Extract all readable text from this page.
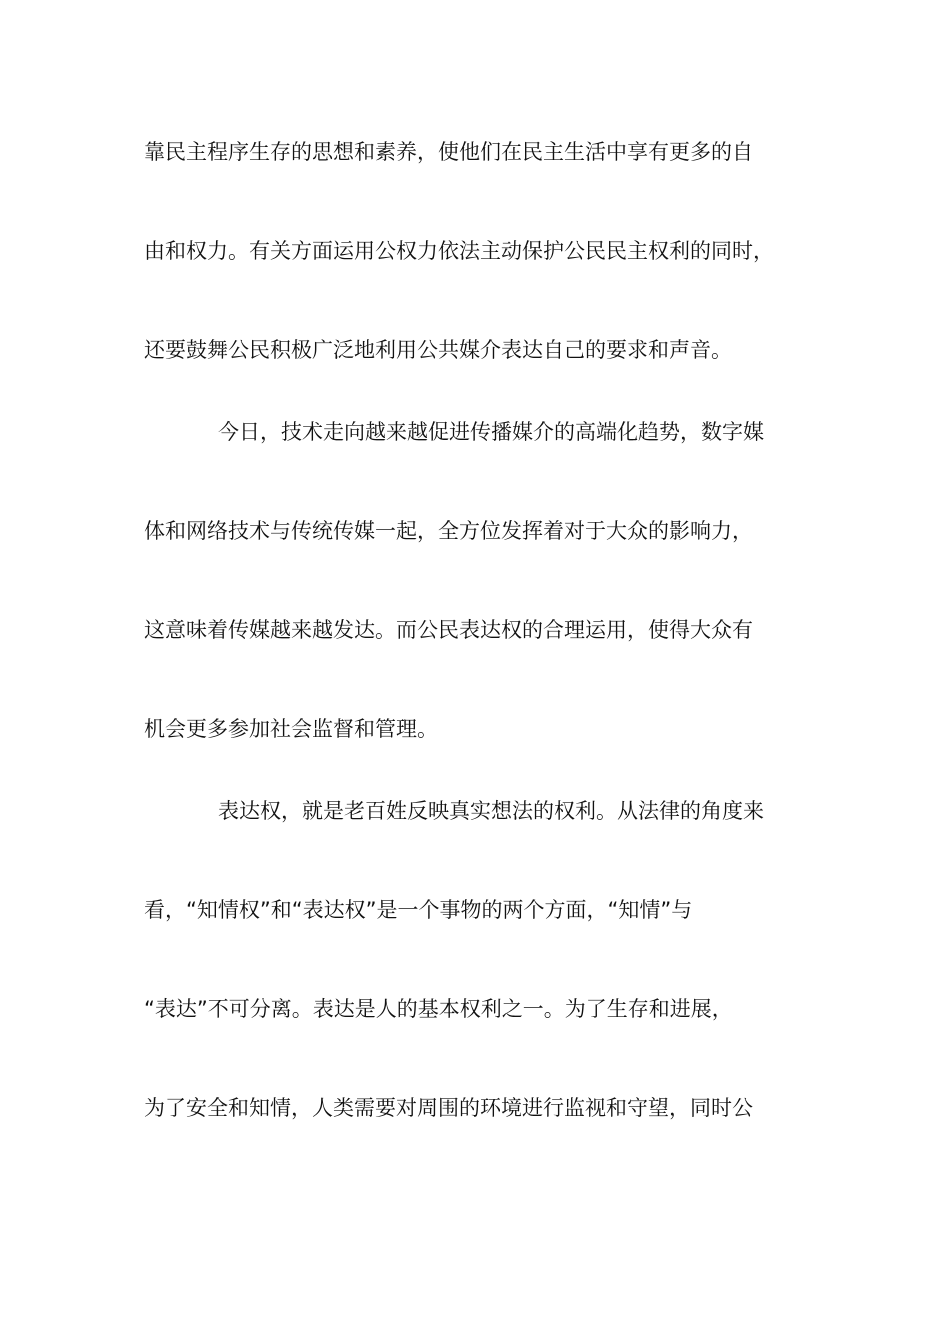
靠民主程序生存的思想和素养，使他们在民主生活中享有更多的自
由和权力。有关方面运用公权力依法主动保护公民民主权利的同时，
还要鼓舞公民积极广泛地利用公共媒介表达自己的要求和声音。
今日，技术走向越来越促进传播媒介的高端化趋势，数字媒
体和网络技术与传统传媒一起，全方位发挥着对于大众的影响力，
这意味着传媒越来越发达。而公民表达权的合理运用，使得大众有
机会更多参加社会监督和管理。
表达权，就是老百姓反映真实想法的权利。从法律的角度来
看，“知情权”和“表达权”是一个事物的两个方面，“知情”与
“表达”不可分离。表达是人的基本权利之一。为了生存和进展，
为了安全和知情，人类需要对周围的环境进行监视和守望，同时公
